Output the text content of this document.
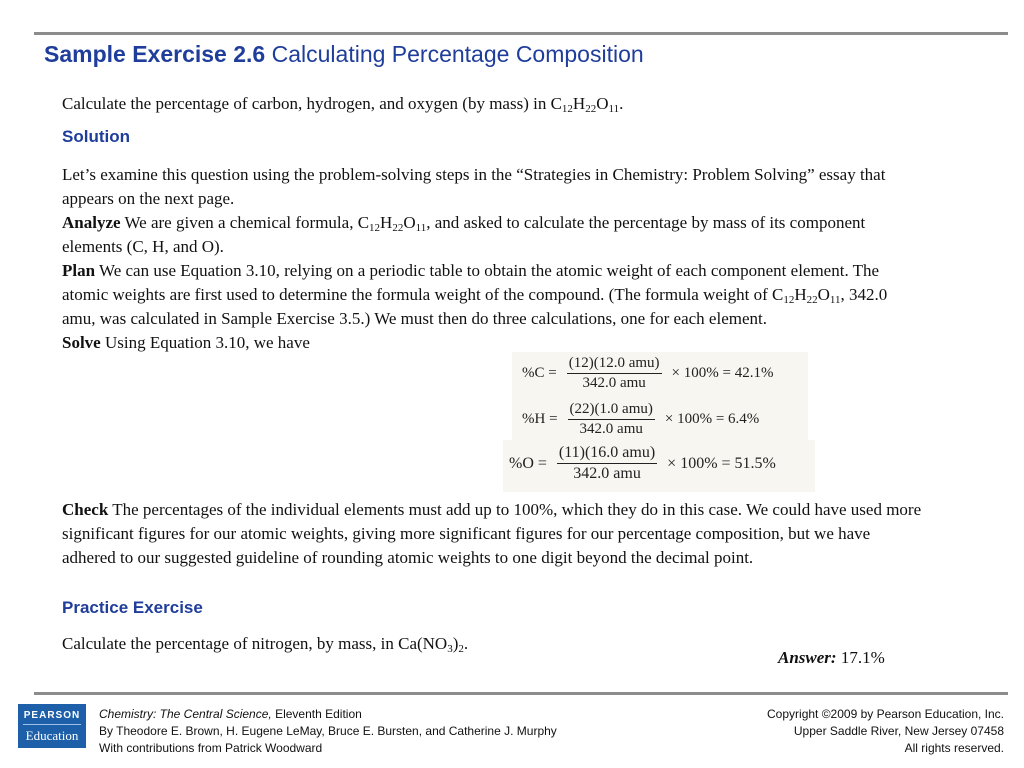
Sample Exercise 2.6 Calculating Percentage Composition

Calculate the percentage of carbon, hydrogen, and oxygen (by mass) in $C_{12}H_{22}O_{11}$.

Solution

Let’s examine this question using the problem-solving steps in the “Strategies in Chemistry: Problem Solving” essay that appears on the next page.
Analyze We are given a chemical formula, $C_{12}H_{22}O_{11}$, and asked to calculate the percentage by mass of its component elements (C, H, and O).
Plan We can use Equation 3.10, relying on a periodic table to obtain the atomic weight of each component element. The atomic weights are first used to determine the formula weight of the compound. (The formula weight of $C_{12}H_{22}O_{11}$, 342.0 amu, was calculated in Sample Exercise 3.5.) We must then do three calculations, one for each element.
Solve Using Equation 3.10, we have

$\%C = \frac{\text{(12)(12.0 amu)}}{\text{342.0 amu}} \times 100\% = 42.1\%$
$\%H = \frac{\text{(22)(1.0 amu)}}{\text{342.0 amu}} \times 100\% = 6.4\%$
$\%O = \frac{\text{(11)(16.0 amu)}}{\text{342.0 amu}} \times 100\% = 51.5\%$

Check The percentages of the individual elements must add up to 100%, which they do in this case. We could have used more significant figures for our atomic weights, giving more significant figures for our percentage composition, but we have adhered to our suggested guideline of rounding atomic weights to one digit beyond the decimal point.

Practice Exercise

Calculate the percentage of nitrogen, by mass, in $Ca(NO_3)_2$.

Answer: 17.1%

PEARSON
Education
Chemistry: The Central Science, Eleventh Edition
By Theodore E. Brown, H. Eugene LeMay, Bruce E. Bursten, and Catherine J. Murphy
With contributions from Patrick Woodward
Copyright ©2009 by Pearson Education, Inc.
Upper Saddle River, New Jersey 07458
All rights reserved.
